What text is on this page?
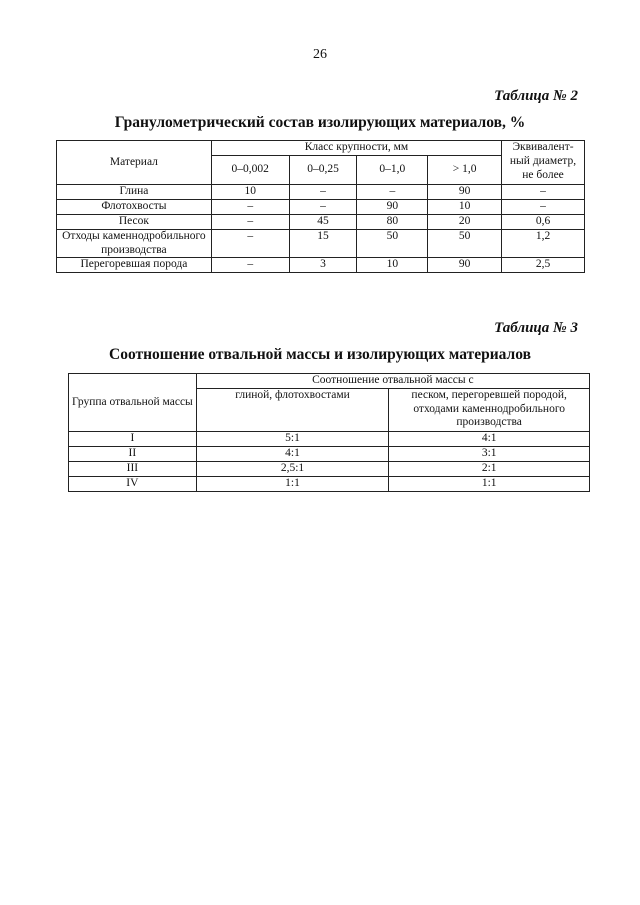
26
Таблица № 2
Гранулометрический состав изолирующих материалов, %
Материал	Класс крупности, мм				Эквивалент-ный диаметр, не более
	0–0,002	0–0,25	0–1,0	> 1,0	
Глина	10	–	–	90	–
Флотохвосты	–	–	90	10	–
Песок	–	45	80	20	0,6
Отходы каменнодробильного производства	–	15	50	50	1,2
Перегоревшая порода	–	3	10	90	2,5
Таблица № 3
Соотношение отвальной массы и изолирующих материалов
Группа отвальной массы	Соотношение отвальной массы с	
	глиной, флотохвостами	песком, перегоревшей породой, отходами каменнодробильного производства
I	5:1	4:1
II	4:1	3:1
III	2,5:1	2:1
IV	1:1	1:1
